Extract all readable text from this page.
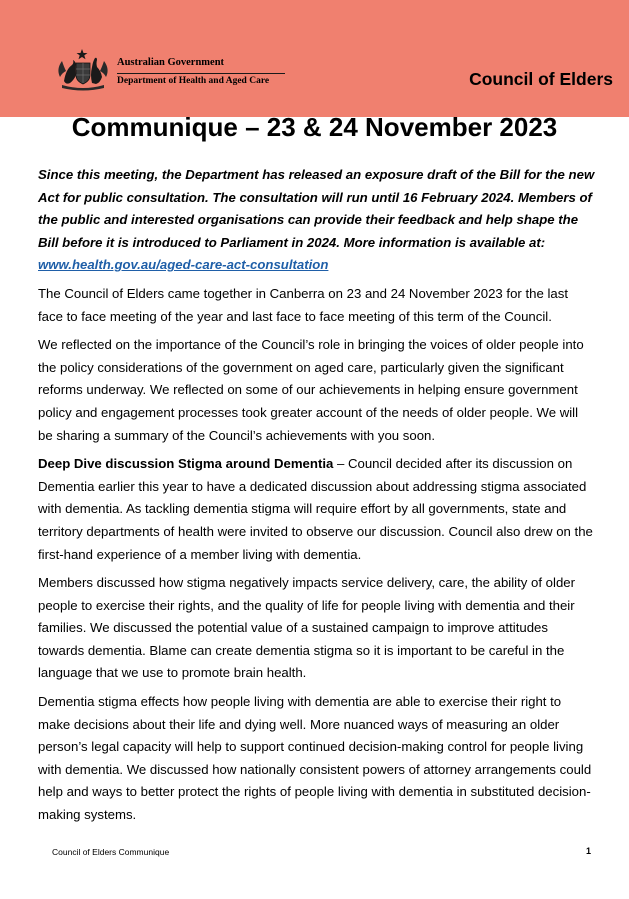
Australian Government
Department of Health and Aged Care	Council of Elders
Communique – 23 & 24 November 2023

Since this meeting, the Department has released an exposure draft of the Bill for the new Act for public consultation. The consultation will run until 16 February 2024. Members of the public and interested organisations can provide their feedback and help shape the Bill before it is introduced to Parliament in 2024. More information is available at:
www.health.gov.au/aged-care-act-consultation

The Council of Elders came together in Canberra on 23 and 24 November 2023 for the last face to face meeting of the year and last face to face meeting of this term of the Council.

We reflected on the importance of the Council’s role in bringing the voices of older people into the policy considerations of the government on aged care, particularly given the significant reforms underway. We reflected on some of our achievements in helping ensure government policy and engagement processes took greater account of the needs of older people. We will be sharing a summary of the Council’s achievements with you soon.

Deep Dive discussion Stigma around Dementia – Council decided after its discussion on Dementia earlier this year to have a dedicated discussion about addressing stigma associated with dementia. As tackling dementia stigma will require effort by all governments, state and territory departments of health were invited to observe our discussion. Council also drew on the first-hand experience of a member living with dementia.

Members discussed how stigma negatively impacts service delivery, care, the ability of older people to exercise their rights, and the quality of life for people living with dementia and their families. We discussed the potential value of a sustained campaign to improve attitudes towards dementia. Blame can create dementia stigma so it is important to be careful in the language that we use to promote brain health.

Dementia stigma effects how people living with dementia are able to exercise their right to make decisions about their life and dying well. More nuanced ways of measuring an older person’s legal capacity will help to support continued decision-making control for people living with dementia. We discussed how nationally consistent powers of attorney arrangements could help and ways to better protect the rights of people living with dementia in substituted decision-making systems.

Council of Elders Communique	1
